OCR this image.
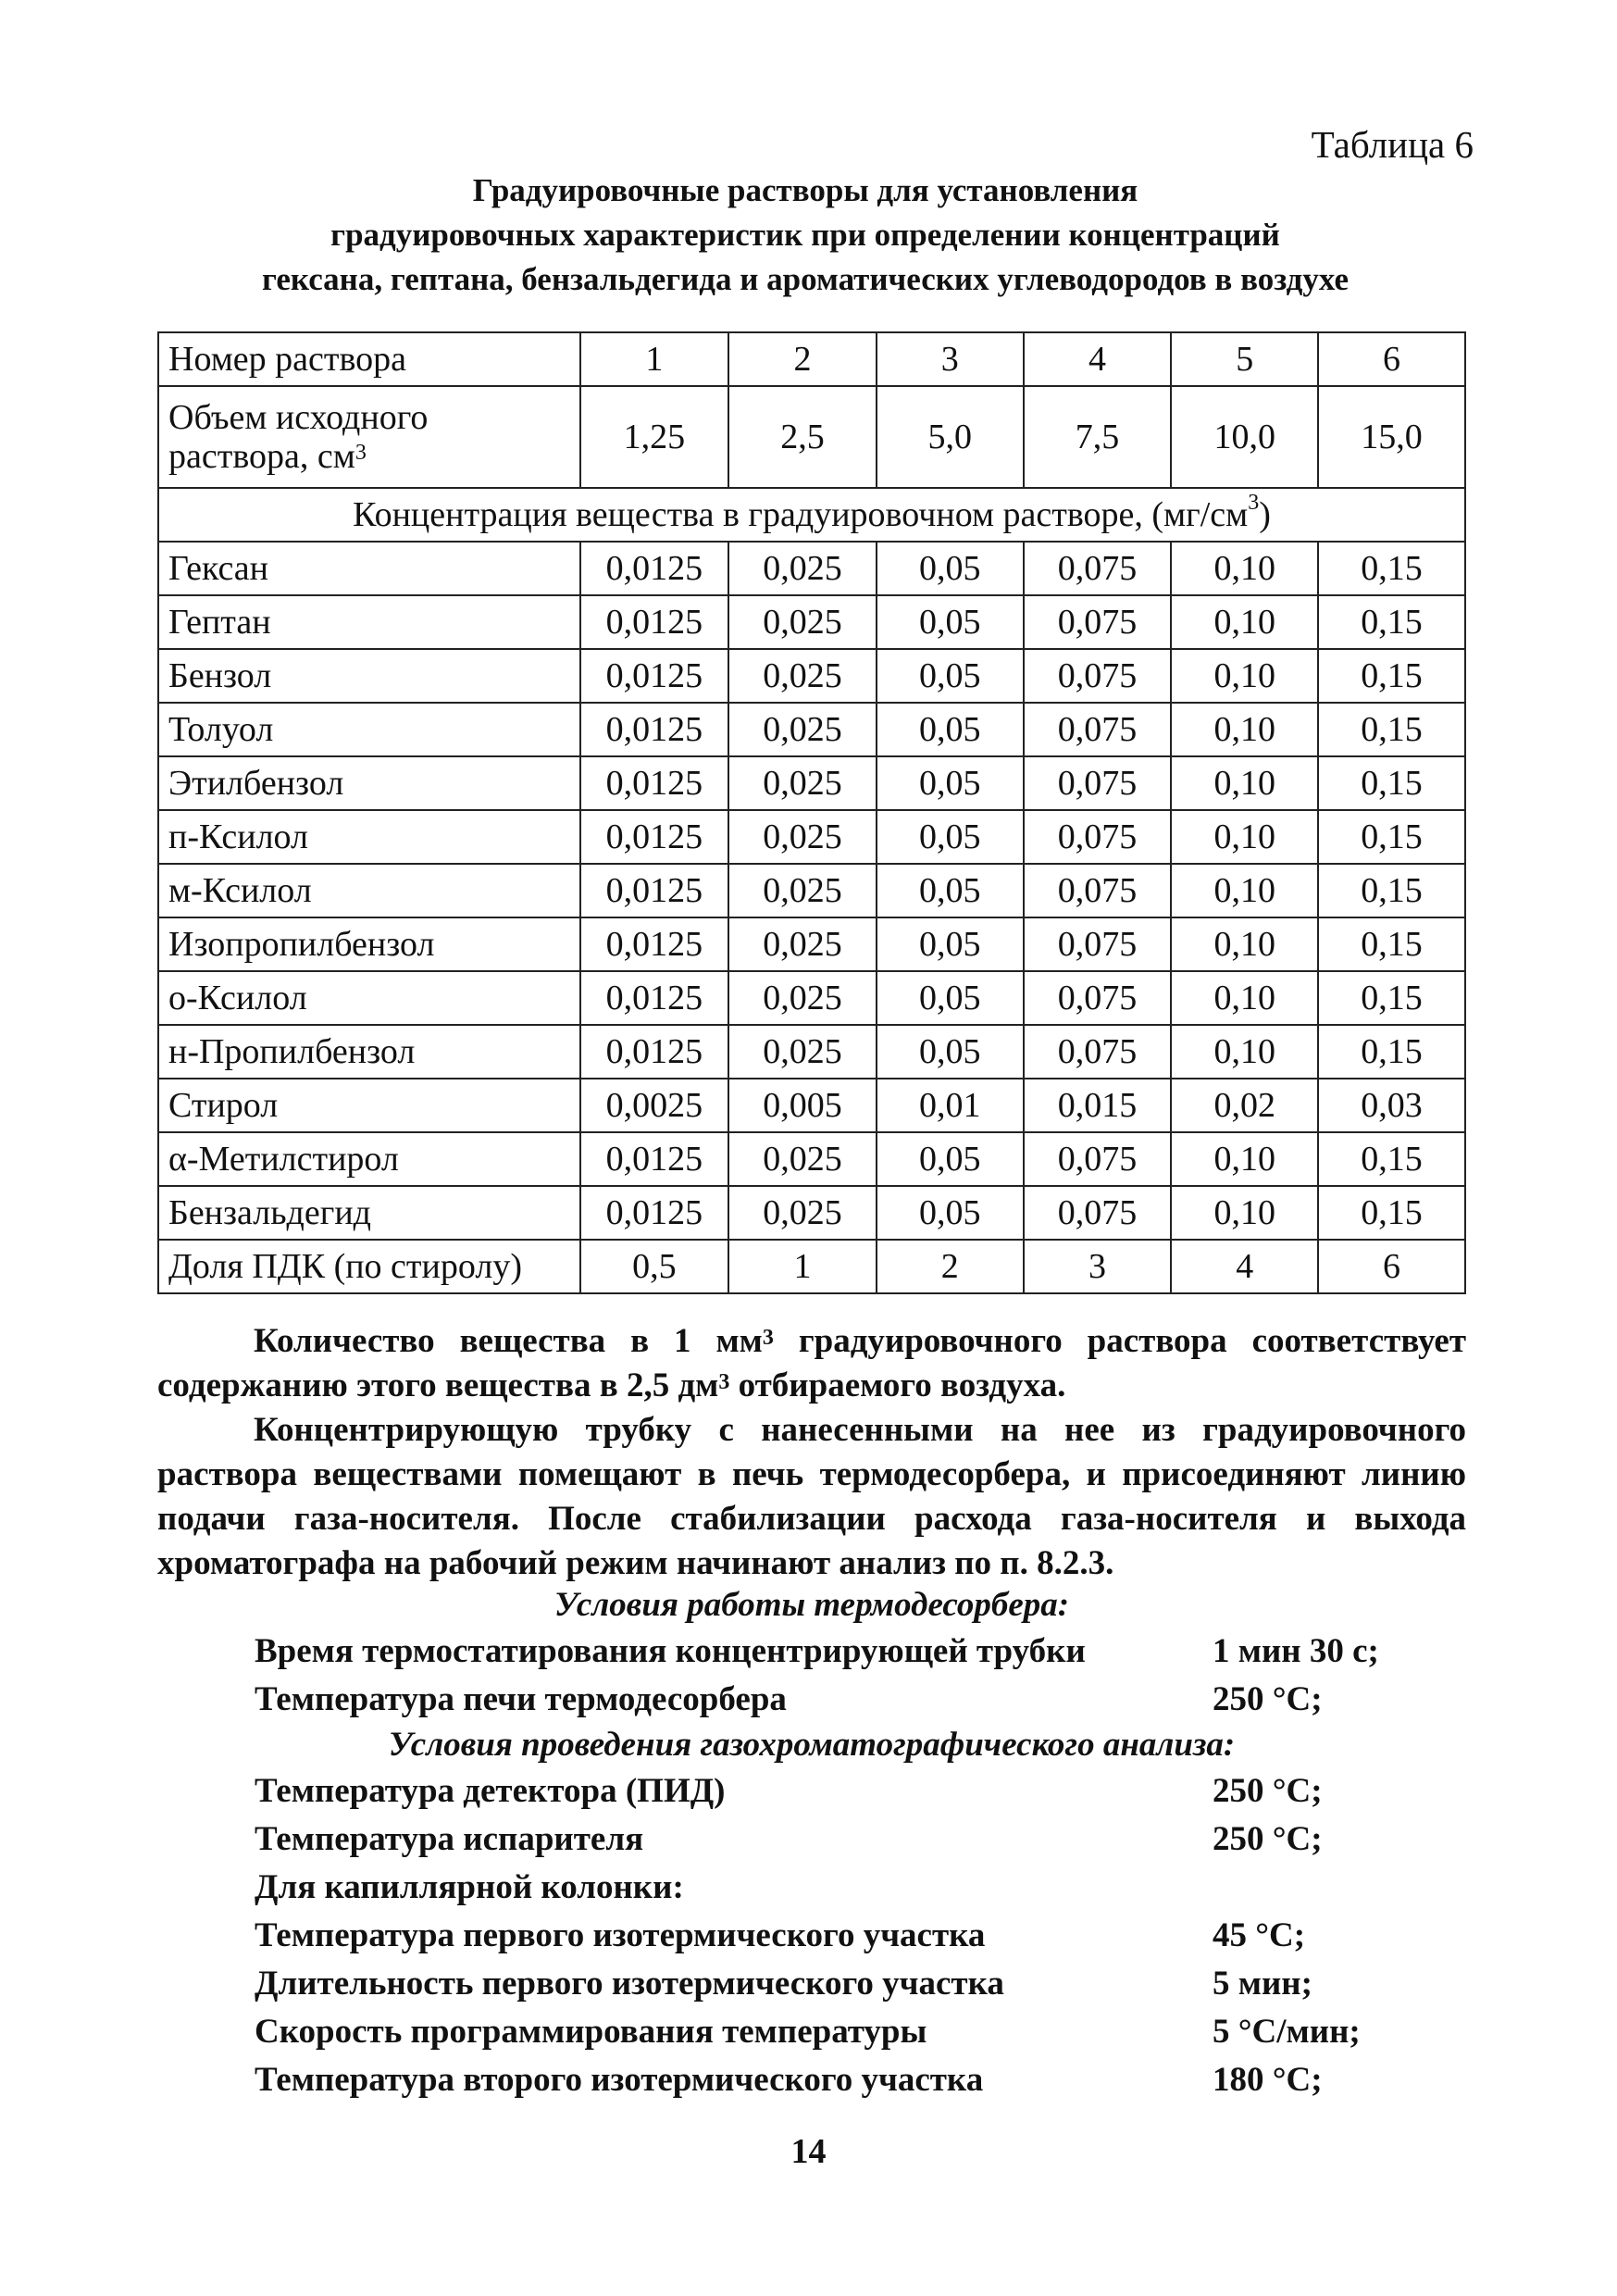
Таблица 6
Градуировочные растворы для установления
градуировочных характеристик при определении концентраций
гексана, гептана, бензальдегида и ароматических углеводородов в воздухе
Номер раствора	1	2	3	4	5	6
Объем исходного
раствора, $см^3$	1,25	2,5	5,0	7,5	10,0	15,0
Концентрация вещества в градуировочном растворе, $(мг/см^3)$						
Гексан	0,0125	0,025	0,05	0,075	0,10	0,15
Гептан	0,0125	0,025	0,05	0,075	0,10	0,15
Бензол	0,0125	0,025	0,05	0,075	0,10	0,15
Толуол	0,0125	0,025	0,05	0,075	0,10	0,15
Этилбензол	0,0125	0,025	0,05	0,075	0,10	0,15
п-Ксилол	0,0125	0,025	0,05	0,075	0,10	0,15
м-Ксилол	0,0125	0,025	0,05	0,075	0,10	0,15
Изопропилбензол	0,0125	0,025	0,05	0,075	0,10	0,15
о-Ксилол	0,0125	0,025	0,05	0,075	0,10	0,15
н-Пропилбензол	0,0125	0,025	0,05	0,075	0,10	0,15
Стирол	0,0025	0,005	0,01	0,015	0,02	0,03
α-Метилстирол	0,0125	0,025	0,05	0,075	0,10	0,15
Бензальдегид	0,0125	0,025	0,05	0,075	0,10	0,15
Доля ПДК (по стиролу)	0,5	1	2	3	4	6
Количество вещества в 1 $мм^3$ градуировочного раствора соответствует содержанию этого вещества в 2,5 $дм^3$ отбираемого воздуха.
Концентрирующую трубку с нанесенными на нее из градуировочного раствора веществами помещают в печь термодесорбера, и присоединяют линию подачи газа-носителя. После стабилизации расхода газа-носителя и выхода хроматографа на рабочий режим начинают анализ по п. 8.2.3.
Условия работы термодесорбера:
Время термостатирования концентрирующей трубки	1 мин 30 с;
Температура печи термодесорбера	250 °С;
Условия проведения газохроматографического анализа:
Температура детектора (ПИД)	250 °С;
Температура испарителя	250 °С;
Для капиллярной колонки:
Температура первого изотермического участка	45 °С;
Длительность первого изотермического участка	5 мин;
Скорость программирования температуры	5 °С/мин;
Температура второго изотермического участка	180 °С;
14
